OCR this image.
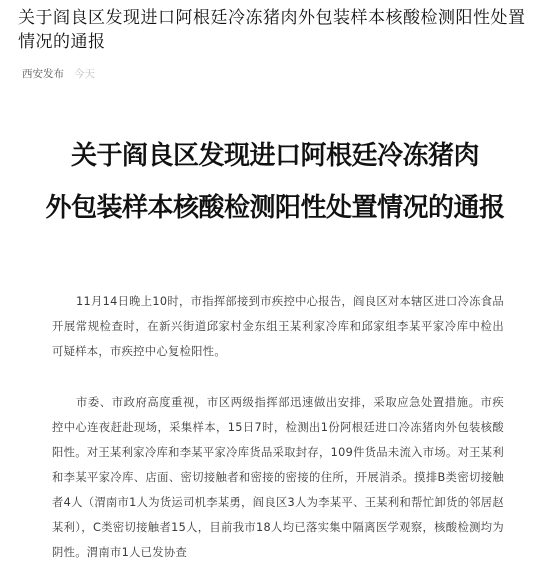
关于阎良区发现进口阿根廷冷冻猪肉外包装样本核酸检测阳性处置情况的通报
西安发布 今天
关于阎良区发现进口阿根廷冷冻猪肉
外包装样本核酸检测阳性处置情况的通报
11月14日晚上10时，市指挥部接到市疾控中心报告，阎良区对本辖区进口冷冻食品开展常规检查时，在新兴街道邱家村金东组王某利家冷库和邱家组李某平家冷库中检出可疑样本，市疾控中心复检阳性。
市委、市政府高度重视，市区两级指挥部迅速做出安排，采取应急处置措施。市疾控中心连夜赶赴现场，采集样本，15日7时，检测出1份阿根廷进口冷冻猪肉外包装核酸阳性。对王某利家冷库和李某平家冷库货品采取封存，109件货品未流入市场。对王某利和李某平家冷库、店面、密切接触者和密接的密接的住所，开展消杀。摸排B类密切接触者4人（渭南市1人为货运司机李某勇，阎良区3人为李某平、王某利和帮忙卸货的邻居赵某利），C类密切接触者15人，目前我市18人均已落实集中隔离医学观察，核酸检测均为阴性。渭南市1人已发协查
